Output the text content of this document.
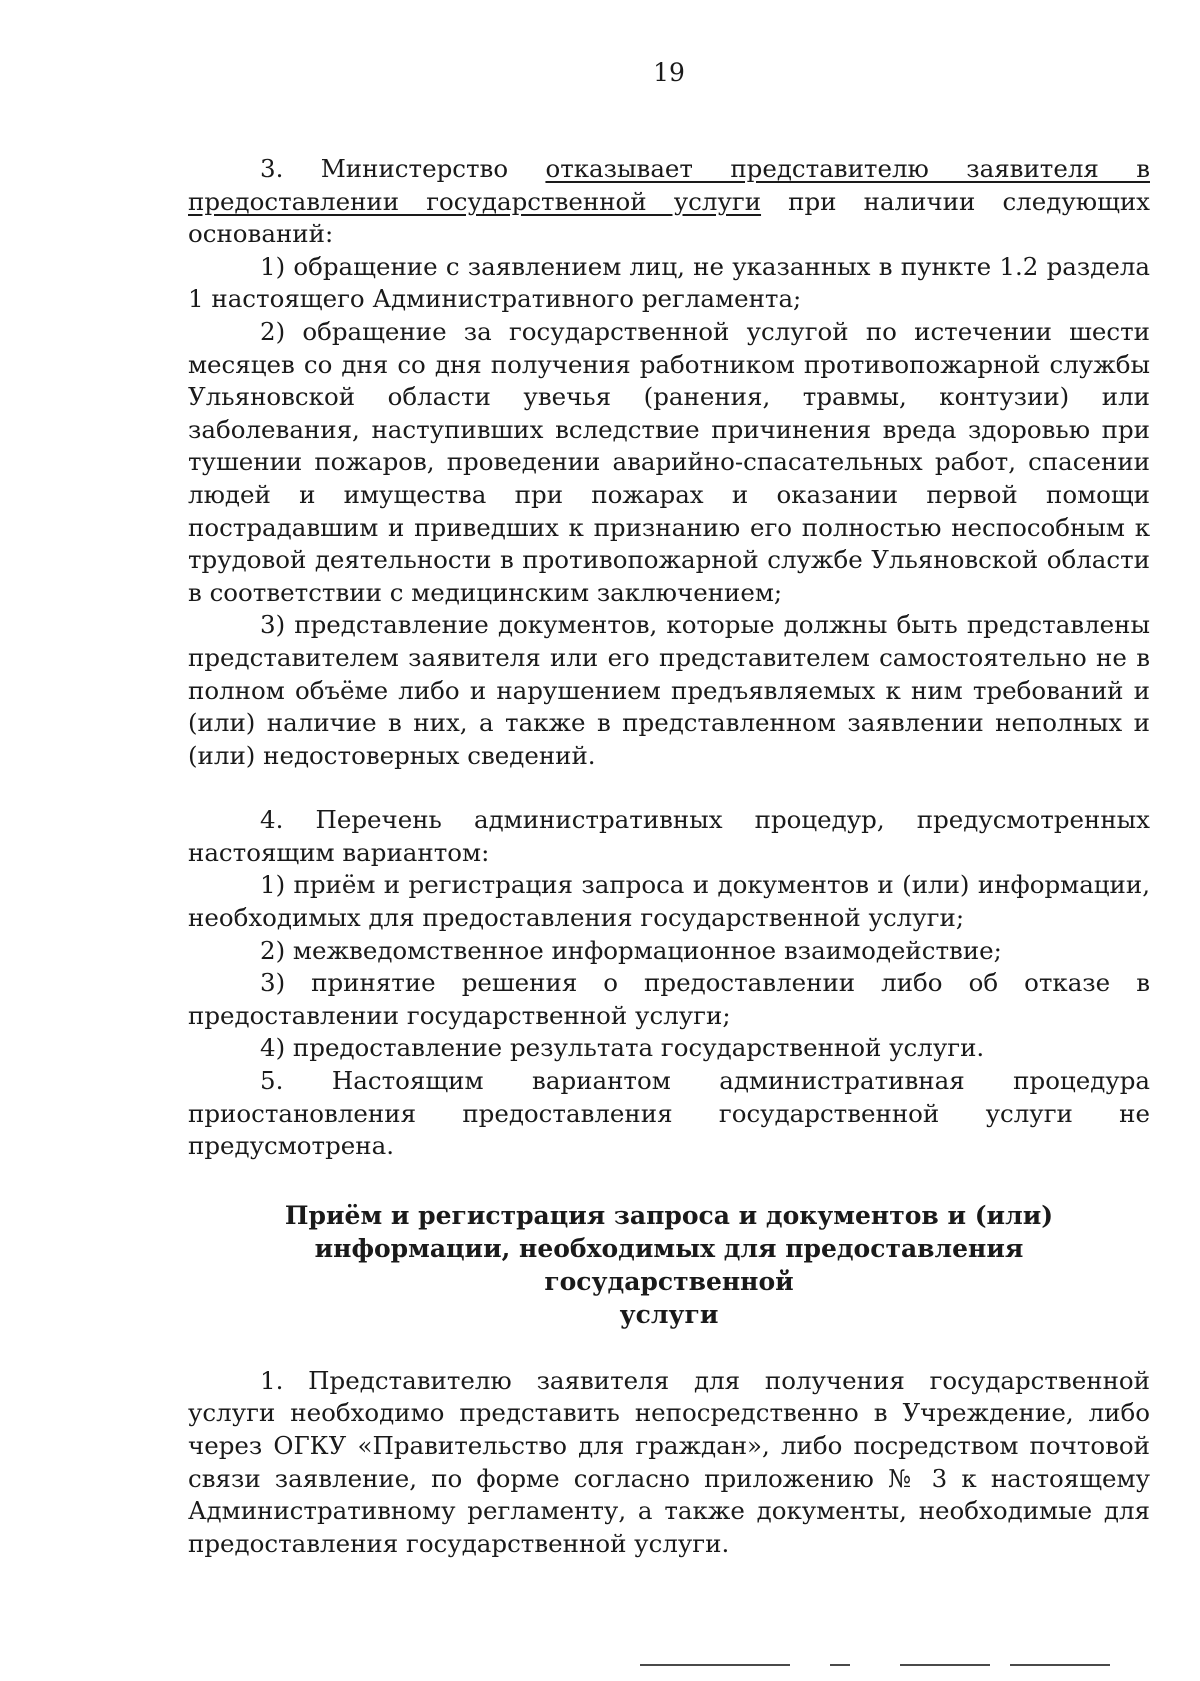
19

3. Министерство отказывает представителю заявителя в предоставлении государственной услуги при наличии следующих оснований:

1) обращение с заявлением лиц, не указанных в пункте 1.2 раздела 1 настоящего Административного регламента;

2) обращение за государственной услугой по истечении шести месяцев со дня со дня получения работником противопожарной службы Ульяновской области увечья (ранения, травмы, контузии) или заболевания, наступивших вследствие причинения вреда здоровью при тушении пожаров, проведении аварийно-спасательных работ, спасении людей и имущества при пожарах и оказании первой помощи пострадавшим и приведших к признанию его полностью неспособным к трудовой деятельности в противопожарной службе Ульяновской области в соответствии с медицинским заключением;

3) представление документов, которые должны быть представлены представителем заявителя или его представителем самостоятельно не в полном объёме либо и нарушением предъявляемых к ним требований и (или) наличие в них, а также в представленном заявлении неполных и (или) недостоверных сведений.

4. Перечень административных процедур, предусмотренных настоящим вариантом:

1) приём и регистрация запроса и документов и (или) информации, необходимых для предоставления государственной услуги;

2) межведомственное информационное взаимодействие;

3) принятие решения о предоставлении либо об отказе в предоставлении государственной услуги;

4) предоставление результата государственной услуги.

5. Настоящим вариантом административная процедура приостановления предоставления государственной услуги не предусмотрена.

Приём и регистрация запроса и документов и (или)
информации, необходимых для предоставления государственной
услуги

1. Представителю заявителя для получения государственной услуги необходимо представить непосредственно в Учреждение, либо через ОГКУ «Правительство для граждан», либо посредством почтовой связи заявление, по форме согласно приложению № 3 к настоящему Административному регламенту, а также документы, необходимые для предоставления государственной услуги.
